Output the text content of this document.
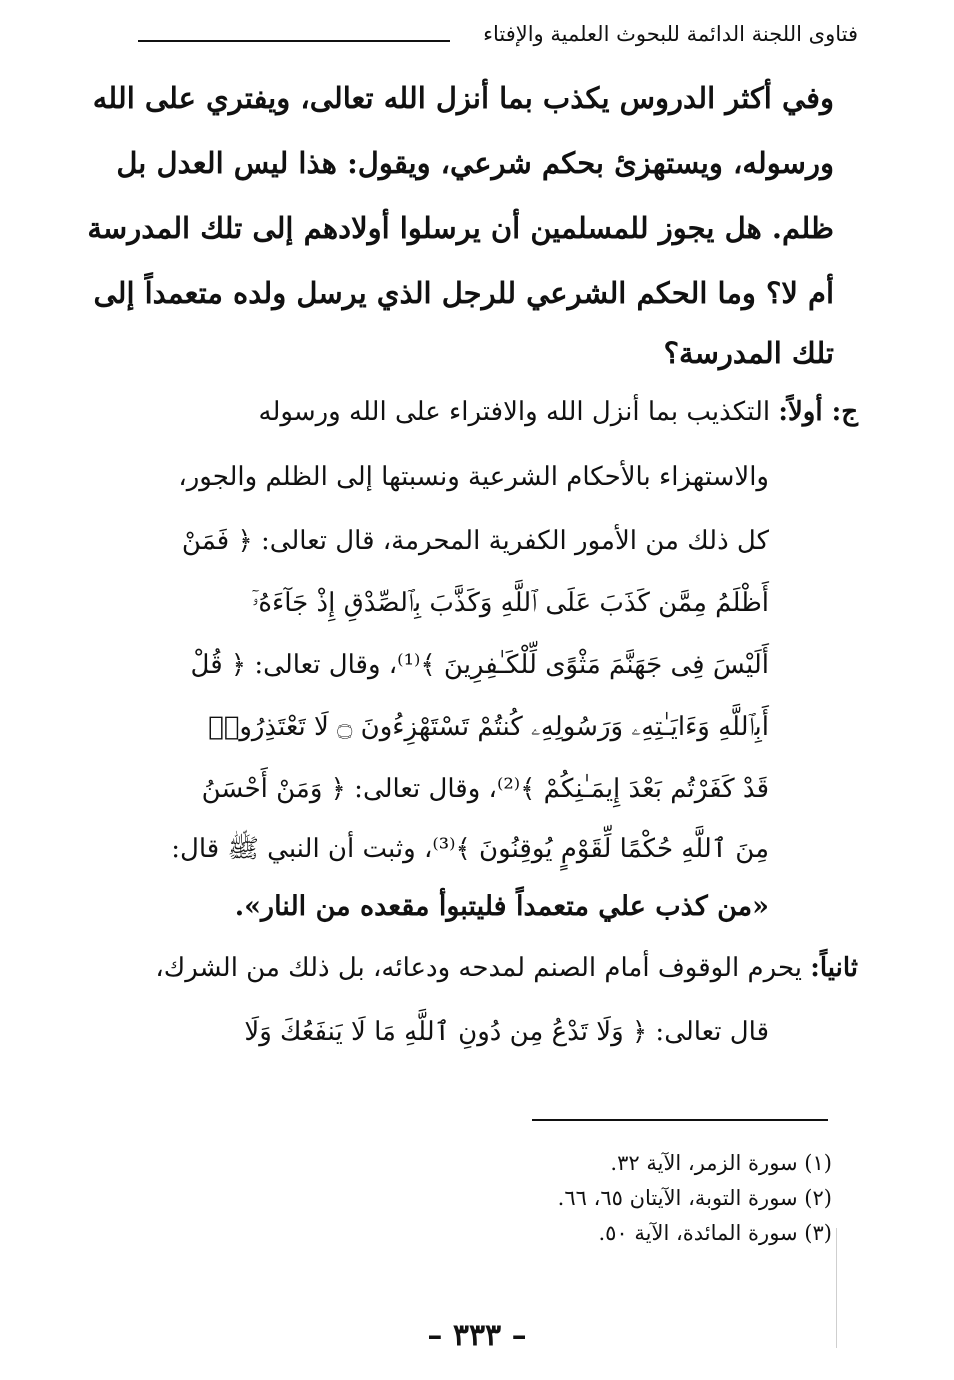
فتاوى اللجنة الدائمة للبحوث العلمية والإفتاء
وفي أكثر الدروس يكذب بما أنزل الله تعالى، ويفتري على الله
ورسوله، ويستهزئ بحكم شرعي، ويقول: هذا ليس العدل بل
ظلم. هل يجوز للمسلمين أن يرسلوا أولادهم إلى تلك المدرسة
أم لا؟ وما الحكم الشرعي للرجل الذي يرسل ولده متعمداً إلى
تلك المدرسة؟
ج: أولاً: التكذيب بما أنزل الله والافتراء على الله ورسوله
والاستهزاء بالأحكام الشرعية ونسبتها إلى الظلم والجور،
كل ذلك من الأمور الكفرية المحرمة، قال تعالى: ﴿ فَمَنْ
أَظْلَمُ مِمَّن كَذَبَ عَلَى ٱللَّهِ وَكَذَّبَ بِٱلصِّدْقِ إِذْ جَآءَهُۥٓ
أَلَيْسَ فِى جَهَنَّمَ مَثْوًى لِّلْكَـٰفِرِينَ ﴾⁽¹⁾، وقال تعالى: ﴿ قُلْ
أَبِٱللَّهِ وَءَايَـٰتِهِۦ وَرَسُولِهِۦ كُنتُمْ تَسْتَهْزِءُونَ ۝ لَا تَعْتَذِرُوا۟
قَدْ كَفَرْتُم بَعْدَ إِيمَـٰنِكُمْ ﴾⁽²⁾، وقال تعالى: ﴿ وَمَنْ أَحْسَنُ
مِنَ ٱللَّهِ حُكْمًا لِّقَوْمٍ يُوقِنُونَ ﴾⁽³⁾، وثبت أن النبي ﷺ قال:
«من كذب علي متعمداً فليتبوأ مقعده من النار».
ثانياً: يحرم الوقوف أمام الصنم لمدحه ودعائه، بل ذلك من الشرك،
قال تعالى: ﴿ وَلَا تَدْعُ مِن دُونِ ٱللَّهِ مَا لَا يَنفَعُكَ وَلَا
(١) سورة الزمر، الآية ٣٢.
(٢) سورة التوبة، الآيتان ٦٥، ٦٦.
(٣) سورة المائدة، الآية ٥٠.
– ٣٣٣ –
